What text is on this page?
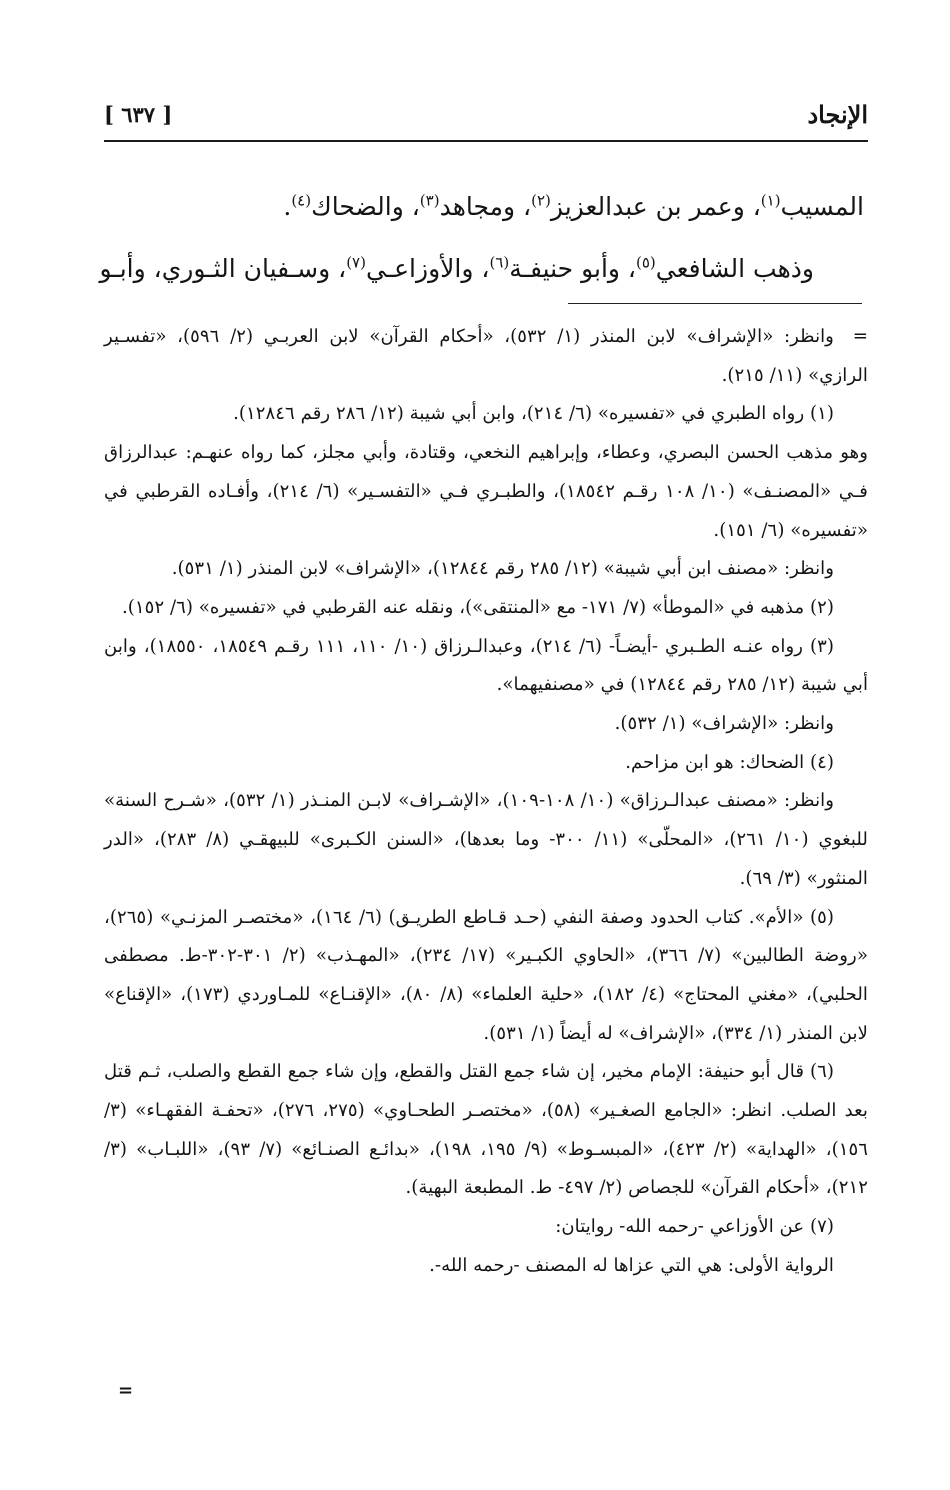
الإنجاد
[ ٦٣٧ ]
المسيب$^{(١)}$، وعمر بن عبدالعزيز$^{(٢)}$، ومجاهد$^{(٣)}$، والضحاك$^{(٤)}$.
وذهب الشافعي$^{(٥)}$، وأبو حنيفـة$^{(٦)}$، والأوزاعـي$^{(٧)}$، وسـفيان الثـوري، وأبـو

=وانظر: «الإشراف» لابن المنذر (١/ ٥٣٢)، «أحكام القرآن» لابن العربـي (٢/ ٥٩٦)، «تفسـير الرازي» (١١/ ٢١٥).

(١) رواه الطبري في «تفسيره» (٦/ ٢١٤)، وابن أبي شيبة (١٢/ ٢٨٦ رقم ١٢٨٤٦).

وهو مذهب الحسن البصري، وعطاء، وإبراهيم النخعي، وقتادة، وأبي مجلز، كما رواه عنهـم: عبدالرزاق فـي «المصنـف» (١٠/ ١٠٨ رقـم ١٨٥٤٢)، والطبـري فـي «التفسـير» (٦/ ٢١٤)، وأفـاده القرطبي في «تفسيره» (٦/ ١٥١).

وانظر: «مصنف ابن أبي شيبة» (١٢/ ٢٨٥ رقم ١٢٨٤٤)، «الإشراف» لابن المنذر (١/ ٥٣١).

(٢) مذهبه في «الموطأ» (٧/ ١٧١- مع «المنتقى»)، ونقله عنه القرطبي في «تفسيره» (٦/ ١٥٢).

(٣) رواه عنـه الطـبري -أيضـاً- (٦/ ٢١٤)، وعبدالـرزاق (١٠/ ١١٠، ١١١ رقـم ١٨٥٤٩، ١٨٥٥٠)، وابن أبي شيبة (١٢/ ٢٨٥ رقم ١٢٨٤٤) في «مصنفيهما».

وانظر: «الإشراف» (١/ ٥٣٢).

(٤) الضحاك: هو ابن مزاحم.

وانظر: «مصنف عبدالـرزاق» (١٠/ ١٠٨-١٠٩)، «الإشـراف» لابـن المنـذر (١/ ٥٣٢)، «شـرح السنة» للبغوي (١٠/ ٢٦١)، «المحلّى» (١١/ ٣٠٠- وما بعدها)، «السنن الكـبرى» للبيهقـي (٨/ ٢٨٣)، «الدر المنثور» (٣/ ٦٩).

(٥) «الأم». كتاب الحدود وصفة النفي (حـد قـاطع الطريـق) (٦/ ١٦٤)، «مختصـر المزنـي» (٢٦٥)، «روضة الطالبين» (٧/ ٣٦٦)، «الحاوي الكبـير» (١٧/ ٢٣٤)، «المهـذب» (٢/ ٣٠١-٣٠٢-ط. مصطفى الحلبي)، «مغني المحتاج» (٤/ ١٨٢)، «حلية العلماء» (٨/ ٨٠)، «الإقنـاع» للمـاوردي (١٧٣)، «الإقناع» لابن المنذر (١/ ٣٣٤)، «الإشراف» له أيضاً (١/ ٥٣١).

(٦) قال أبو حنيفة: الإمام مخير، إن شاء جمع القتل والقطع، وإن شاء جمع القطع والصلب، ثـم قتل بعد الصلب. انظر: «الجامع الصغـير» (٥٨)، «مختصـر الطحـاوي» (٢٧٥، ٢٧٦)، «تحفـة الفقهـاء» (٣/ ١٥٦)، «الهداية» (٢/ ٤٢٣)، «المبسـوط» (٩/ ١٩٥، ١٩٨)، «بدائـع الصنـائع» (٧/ ٩٣)، «اللبـاب» (٣/ ٢١٢)، «أحكام القرآن» للجصاص (٢/ ٤٩٧- ط. المطبعة البهية).

(٧) عن الأوزاعي -رحمه الله- روايتان:

الرواية الأولى: هي التي عزاها له المصنف -رحمه الله-.

=
